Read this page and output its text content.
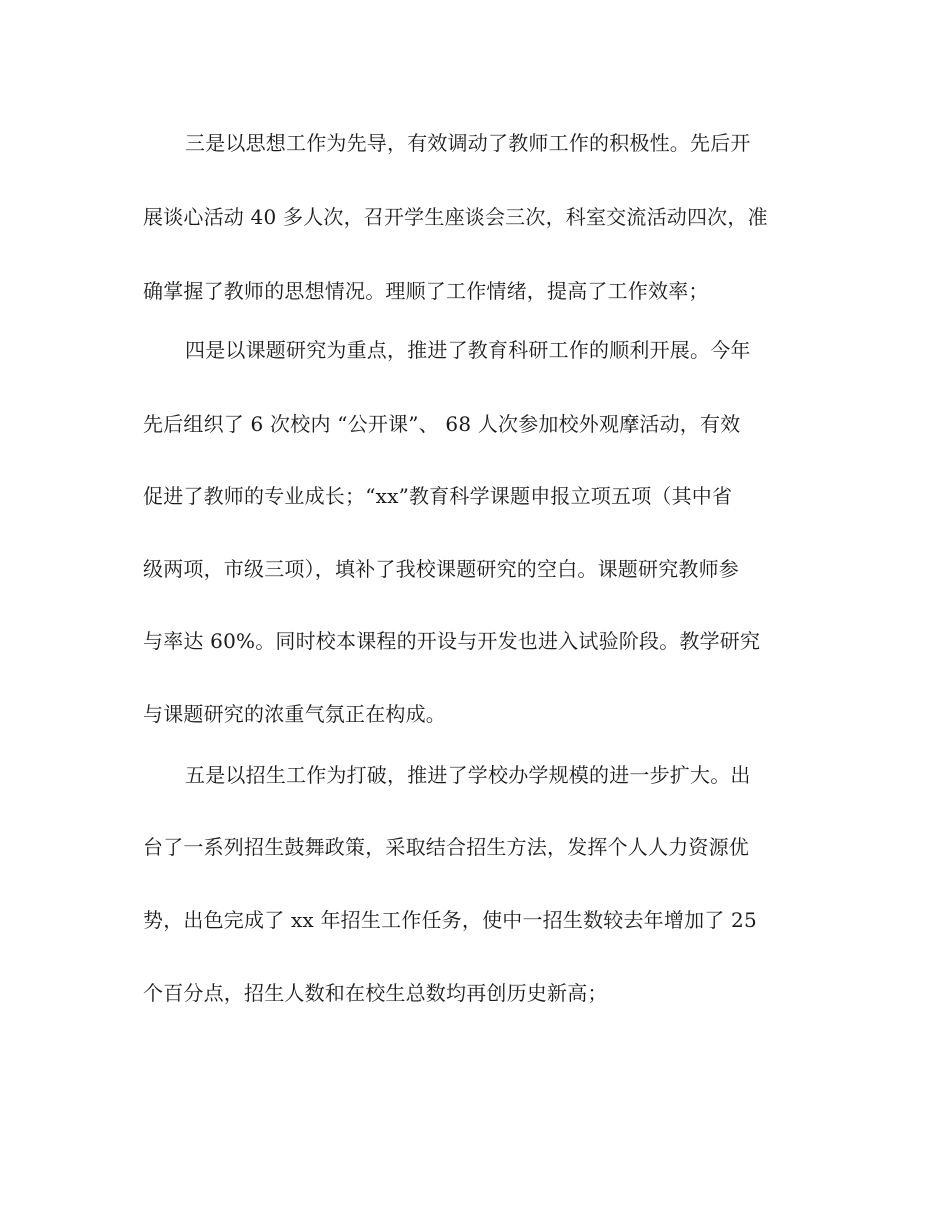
三是以思想工作为先导，有效调动了教师工作的积极性。先后开
展谈心活动 40 多人次，召开学生座谈会三次，科室交流活动四次，准
确掌握了教师的思想情况。理顺了工作情绪，提高了工作效率；
四是以课题研究为重点，推进了教育科研工作的顺利开展。今年
先后组织了 6 次校内 “公开课”、 68 人次参加校外观摩活动，有效
促进了教师的专业成长；“xx”教育科学课题申报立项五项（其中省
级两项，市级三项），填补了我校课题研究的空白。课题研究教师参
与率达 60%。同时校本课程的开设与开发也进入试验阶段。教学研究
与课题研究的浓重气氛正在构成。
五是以招生工作为打破，推进了学校办学规模的进一步扩大。出
台了一系列招生鼓舞政策，采取结合招生方法，发挥个人人力资源优
势，出色完成了 xx 年招生工作任务，使中一招生数较去年增加了 25
个百分点，招生人数和在校生总数均再创历史新高；
